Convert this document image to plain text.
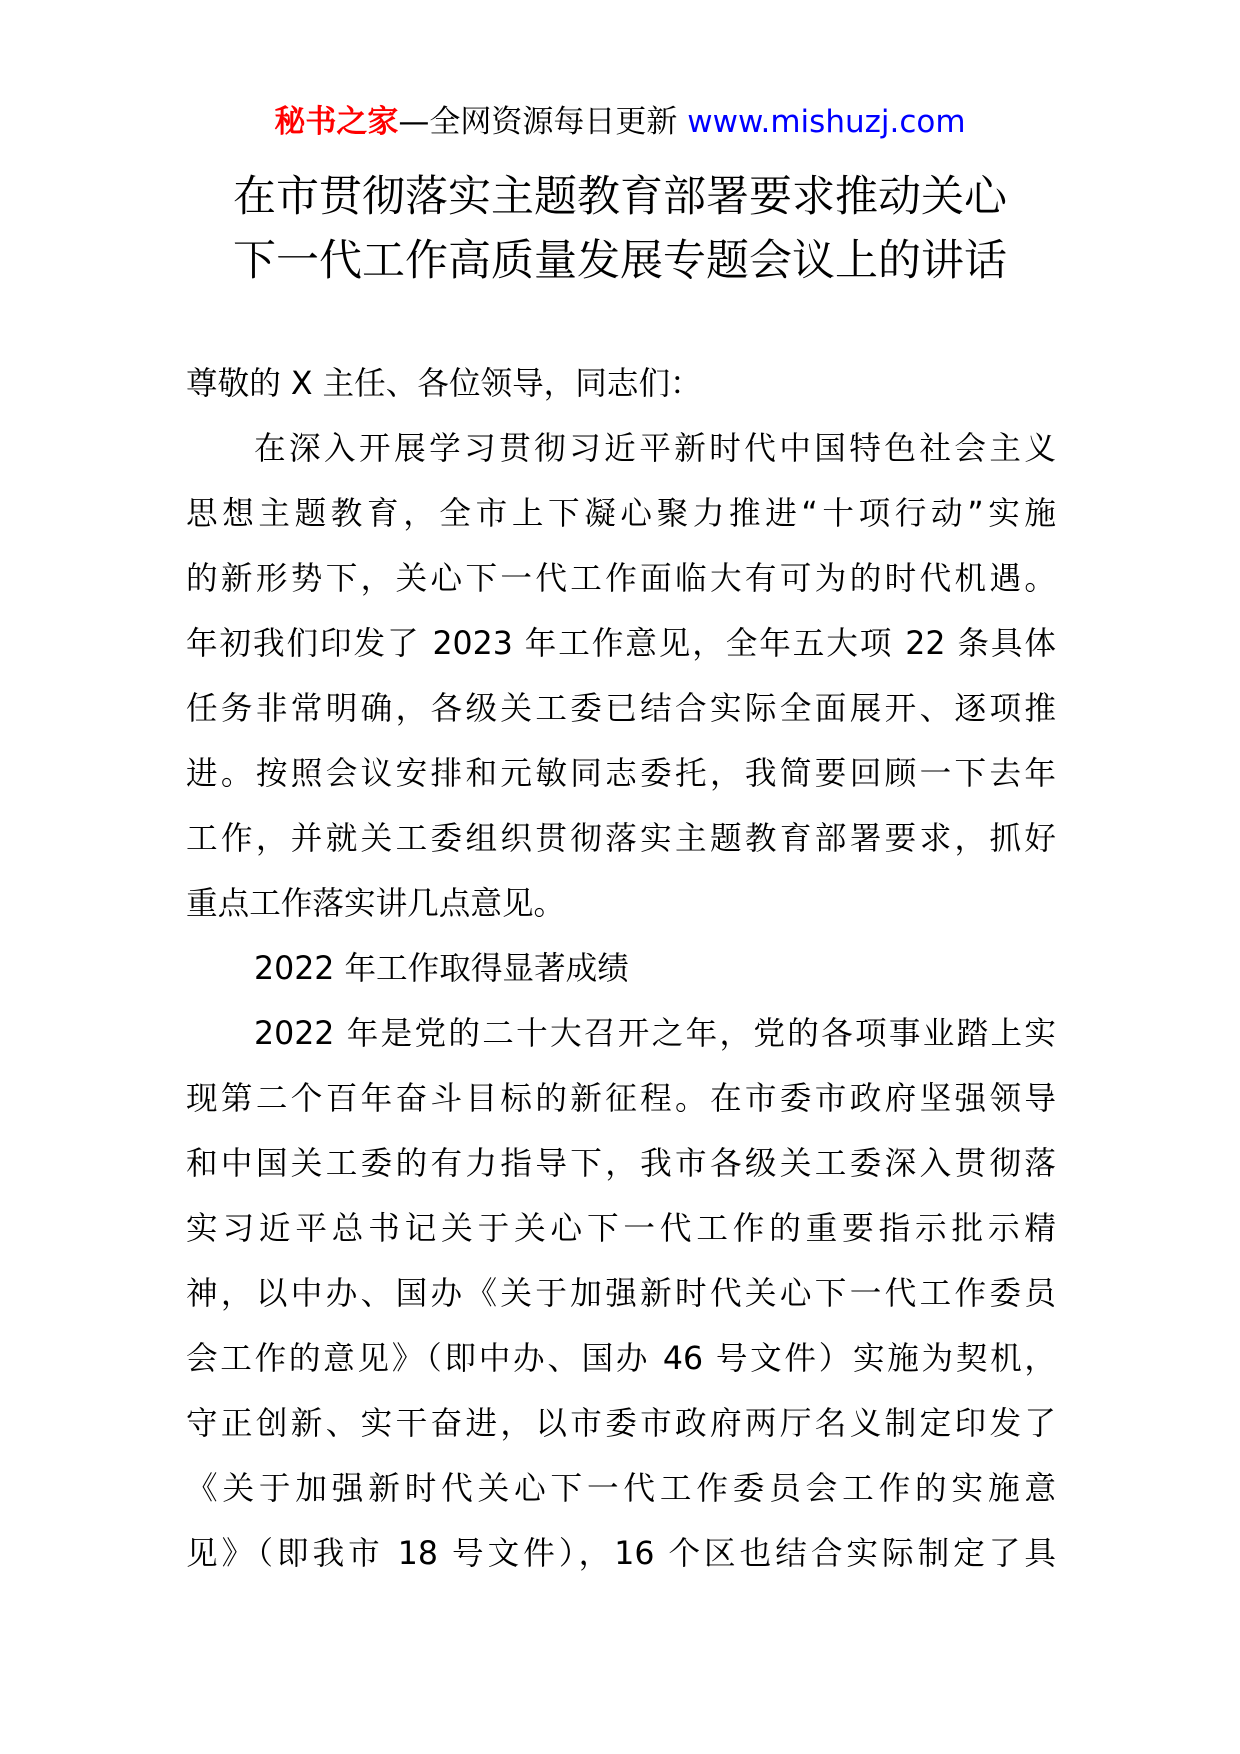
秘书之家—全网资源每日更新 www.mishuzj.com
在市贯彻落实主题教育部署要求推动关心
下一代工作高质量发展专题会议上的讲话
尊敬的 X 主任、各位领导，同志们：
在深入开展学习贯彻习近平新时代中国特色社会主义
思想主题教育，全市上下凝心聚力推进“十项行动”实施
的新形势下，关心下一代工作面临大有可为的时代机遇。
年初我们印发了 2023 年工作意见，全年五大项 22 条具体
任务非常明确，各级关工委已结合实际全面展开、逐项推
进。按照会议安排和元敏同志委托，我简要回顾一下去年
工作，并就关工委组织贯彻落实主题教育部署要求，抓好
重点工作落实讲几点意见。
2022 年工作取得显著成绩
2022 年是党的二十大召开之年，党的各项事业踏上实
现第二个百年奋斗目标的新征程。在市委市政府坚强领导
和中国关工委的有力指导下，我市各级关工委深入贯彻落
实习近平总书记关于关心下一代工作的重要指示批示精
神，以中办、国办《关于加强新时代关心下一代工作委员
会工作的意见》（即中办、国办 46 号文件）实施为契机，
守正创新、实干奋进，以市委市政府两厅名义制定印发了
《关于加强新时代关心下一代工作委员会工作的实施意
见》（即我市 18 号文件），16 个区也结合实际制定了具
